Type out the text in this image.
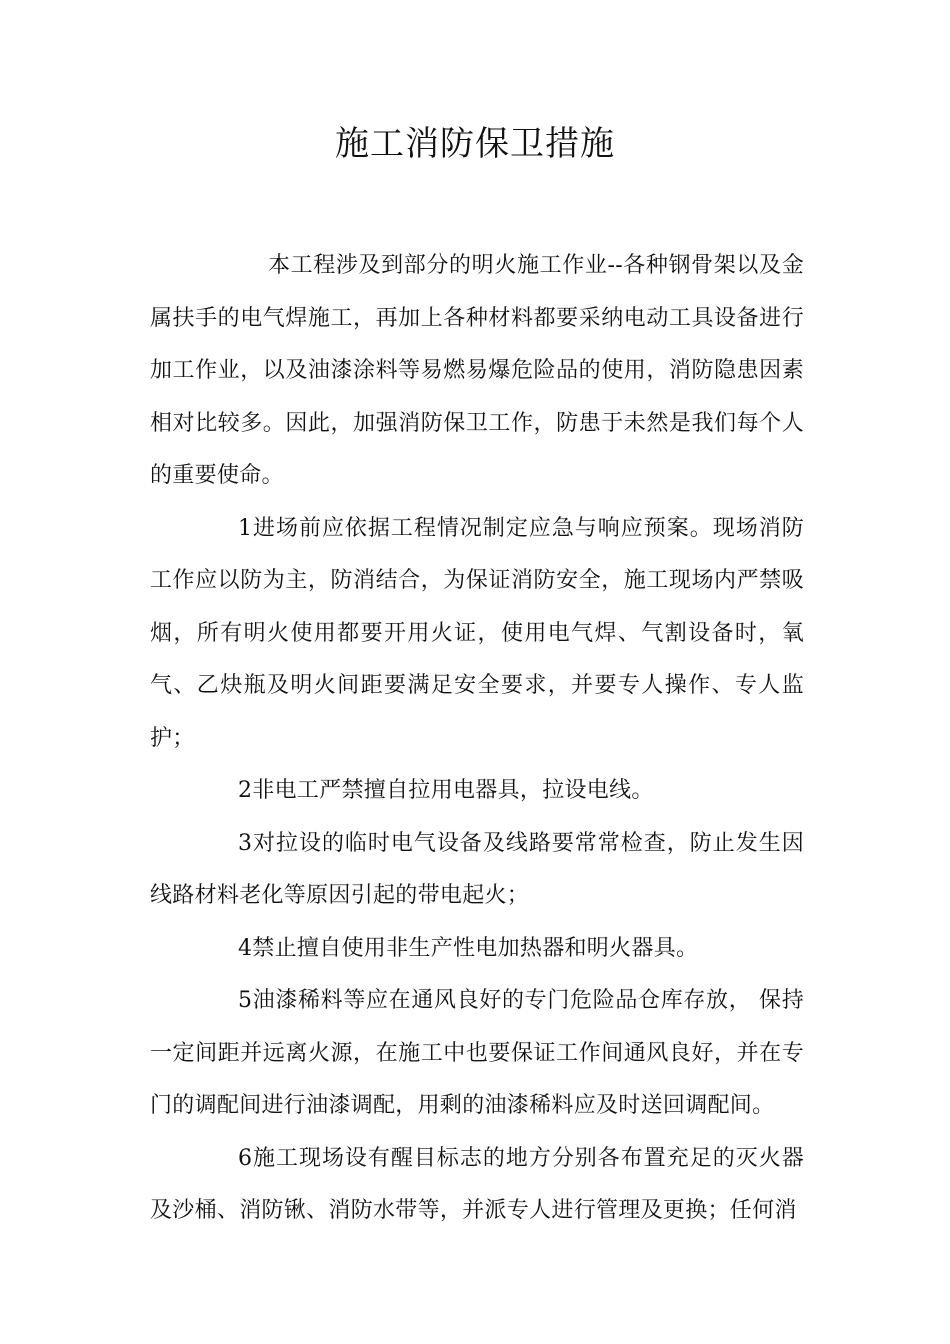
施工消防保卫措施

本工程涉及到部分的明火施工作业--各种钢骨架以及金属扶手的电气焊施工，再加上各种材料都要采纳电动工具设备进行加工作业，以及油漆涂料等易燃易爆危险品的使用，消防隐患因素相对比较多。因此，加强消防保卫工作，防患于未然是我们每个人的重要使命。

1进场前应依据工程情况制定应急与响应预案。现场消防工作应以防为主，防消结合，为保证消防安全，施工现场内严禁吸烟，所有明火使用都要开用火证，使用电气焊、气割设备时，氧气、乙炔瓶及明火间距要满足安全要求，并要专人操作、专人监护；

2非电工严禁擅自拉用电器具，拉设电线。

3对拉设的临时电气设备及线路要常常检查，防止发生因线路材料老化等原因引起的带电起火；

4禁止擅自使用非生产性电加热器和明火器具。

5油漆稀料等应在通风良好的专门危险品仓库存放， 保持一定间距并远离火源，在施工中也要保证工作间通风良好，并在专门的调配间进行油漆调配，用剩的油漆稀料应及时送回调配间。

6施工现场设有醒目标志的地方分别各布置充足的灭火器及沙桶、消防锹、消防水带等，并派专人进行管理及更换；任何消
